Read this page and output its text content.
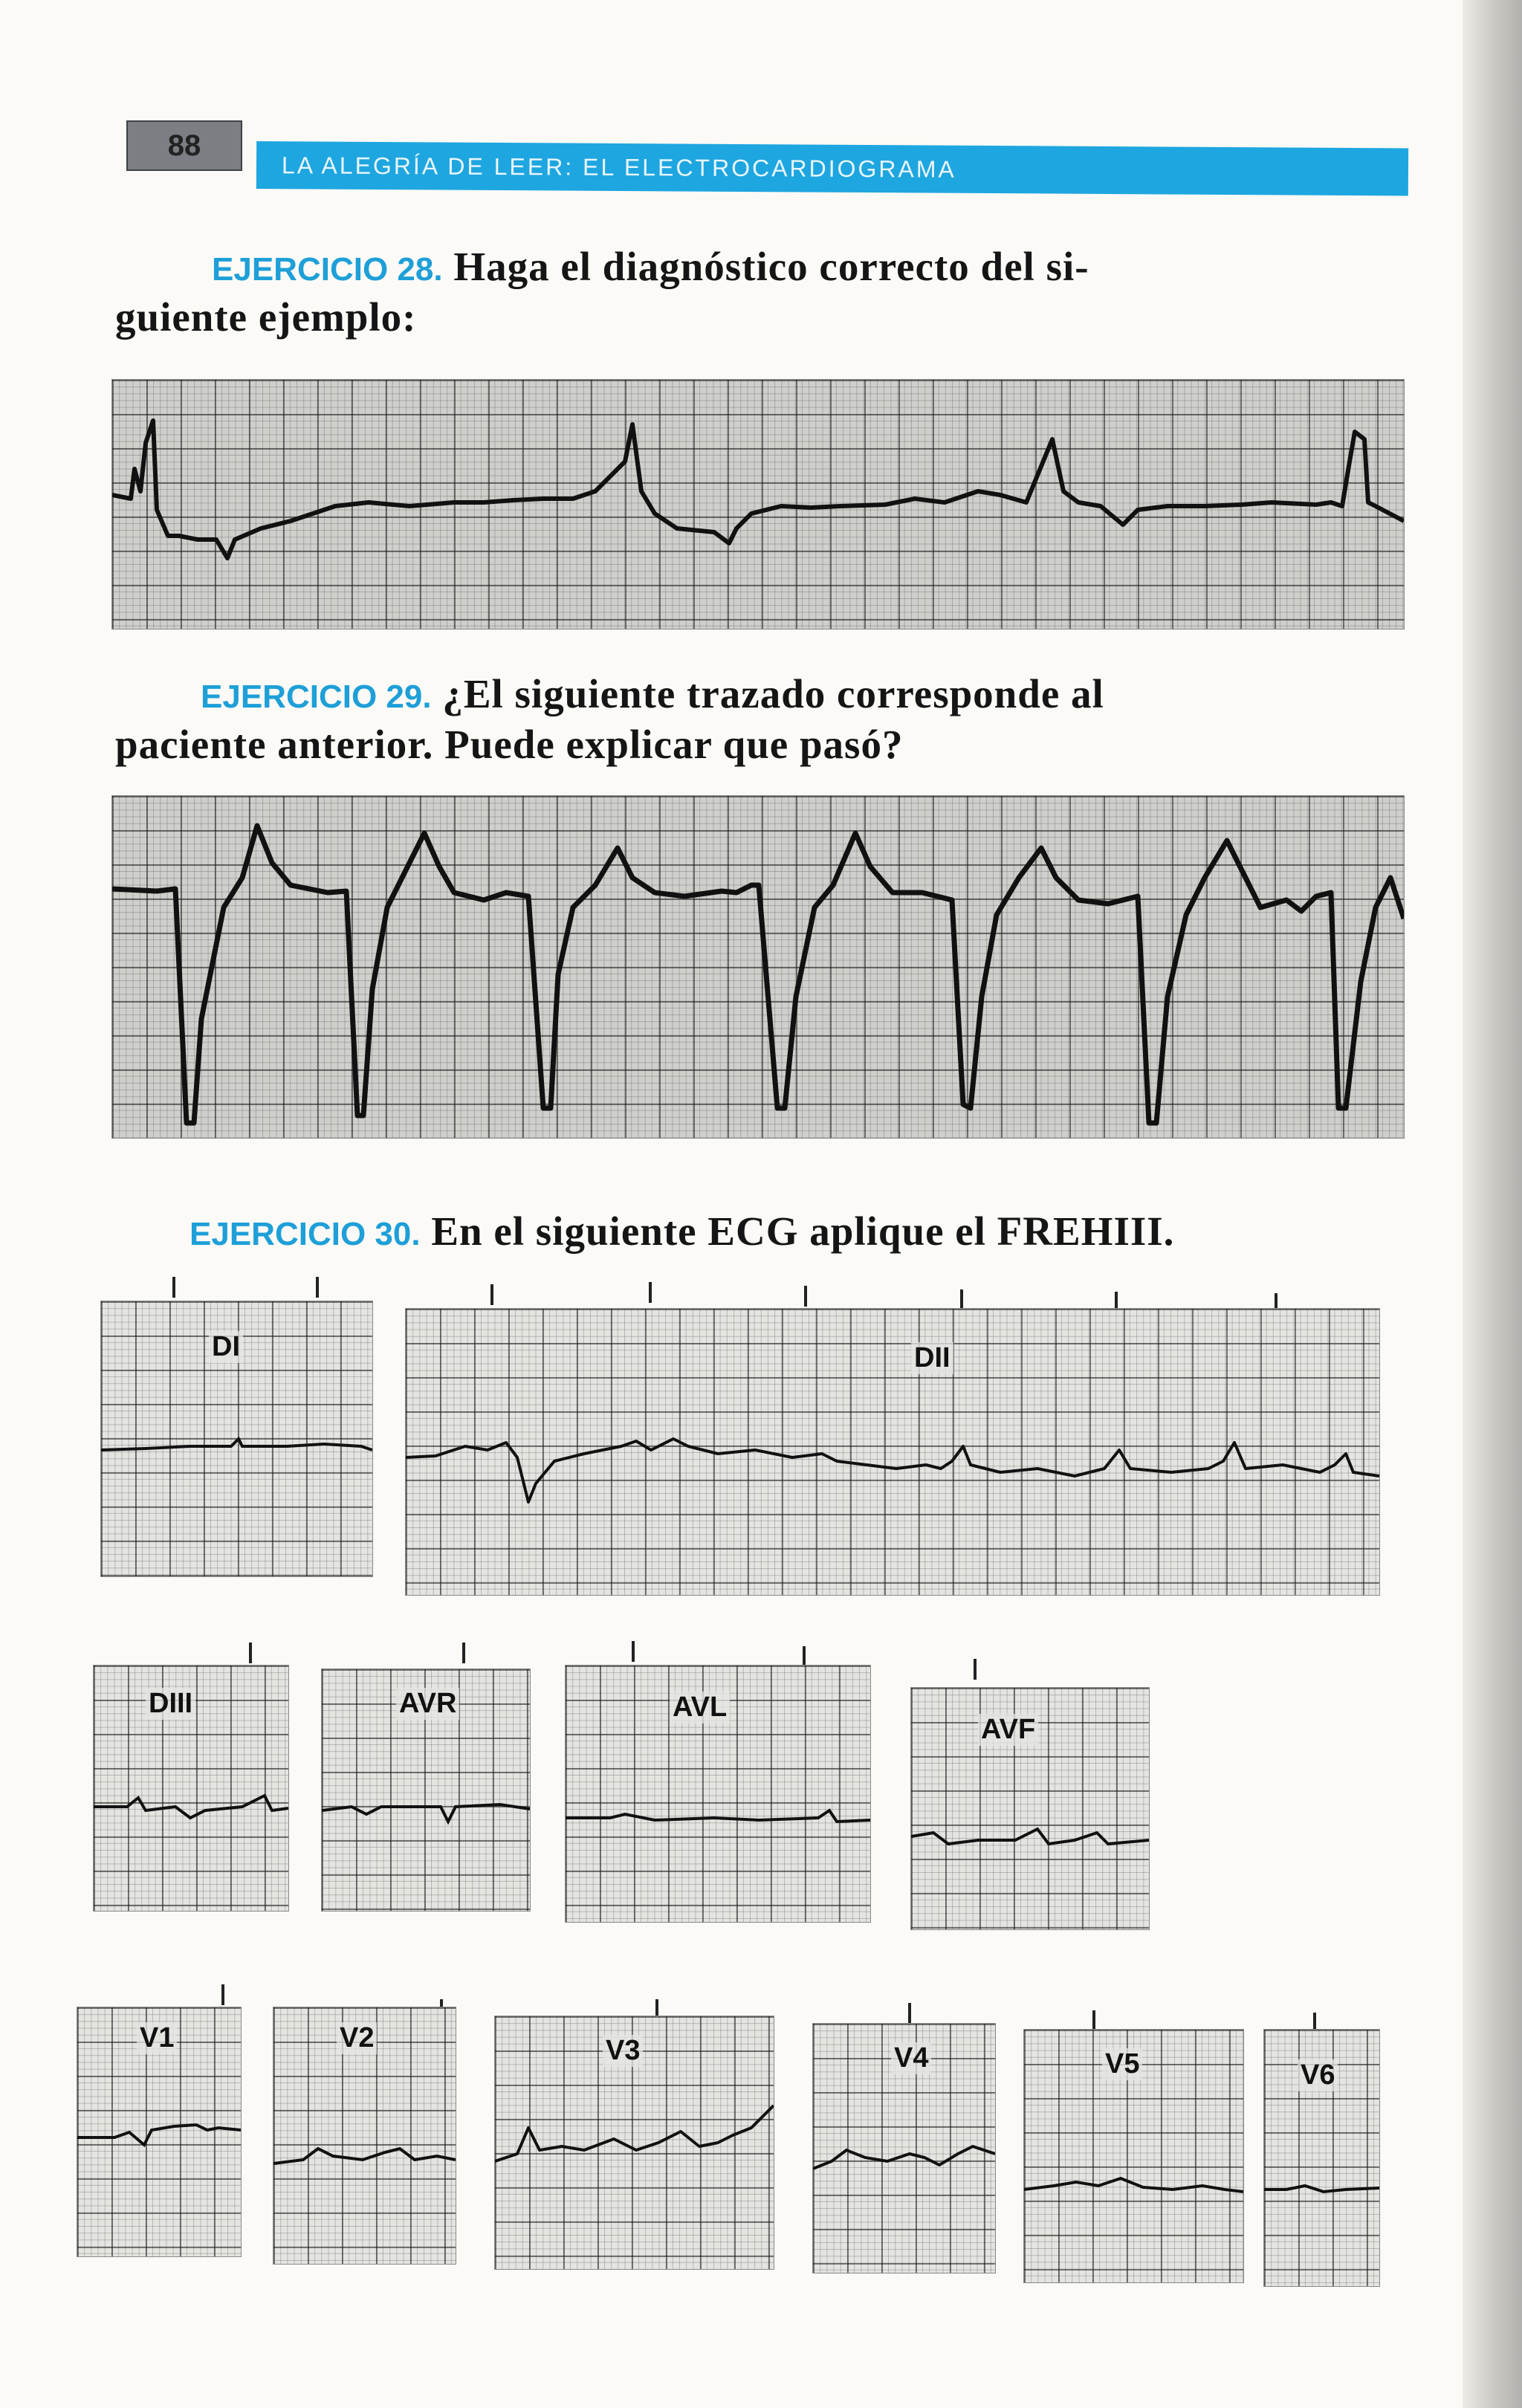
88
LA ALEGRÍA DE LEER: EL ELECTROCARDIOGRAMA
EJERCICIO 28. Haga el diagnóstico correcto del si-
guiente ejemplo:
EJERCICIO 29. ¿El siguiente trazado corresponde al
paciente anterior. Puede explicar que pasó?
EJERCICIO 30. En el siguiente ECG aplique el FREHIII.
DI	DII
DIII	AVR	AVL
AVF
V1	V2	V3	V4	V5	V6
